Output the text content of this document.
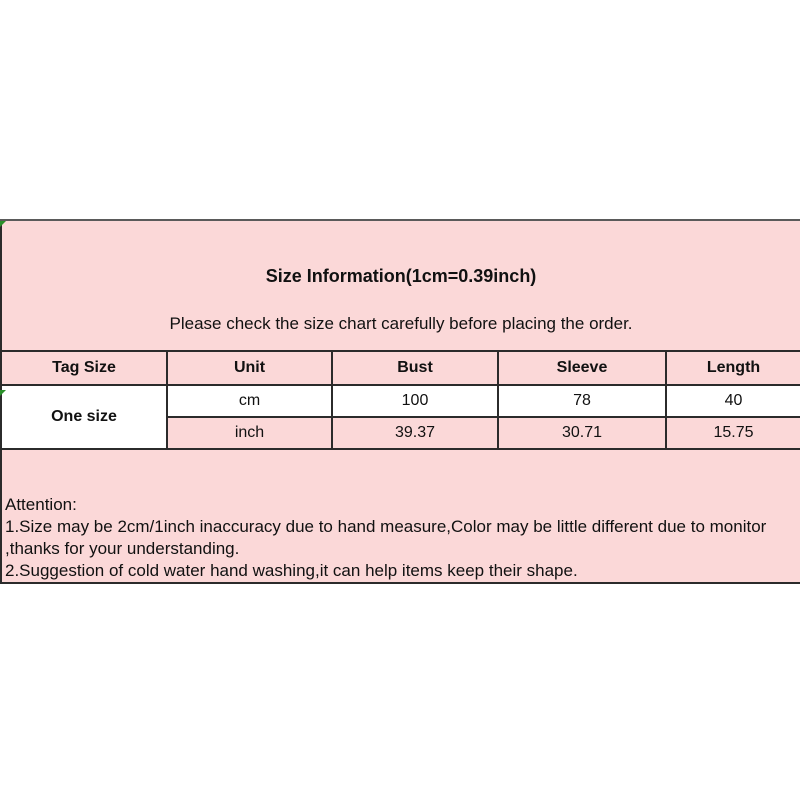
Size Information(1cm=0.39inch)
Please check the size chart carefully before placing the order.				

Tag Size	Unit	Bust	Sleeve	Length
One size	cm	100	78	40
	inch	39.37	30.71	15.75

Attention:
1.Size may be 2cm/1inch inaccuracy due to hand measure,Color may be little different due to monitor
,thanks for your understanding.
2.Suggestion of cold water hand washing,it can help items keep their shape.				
